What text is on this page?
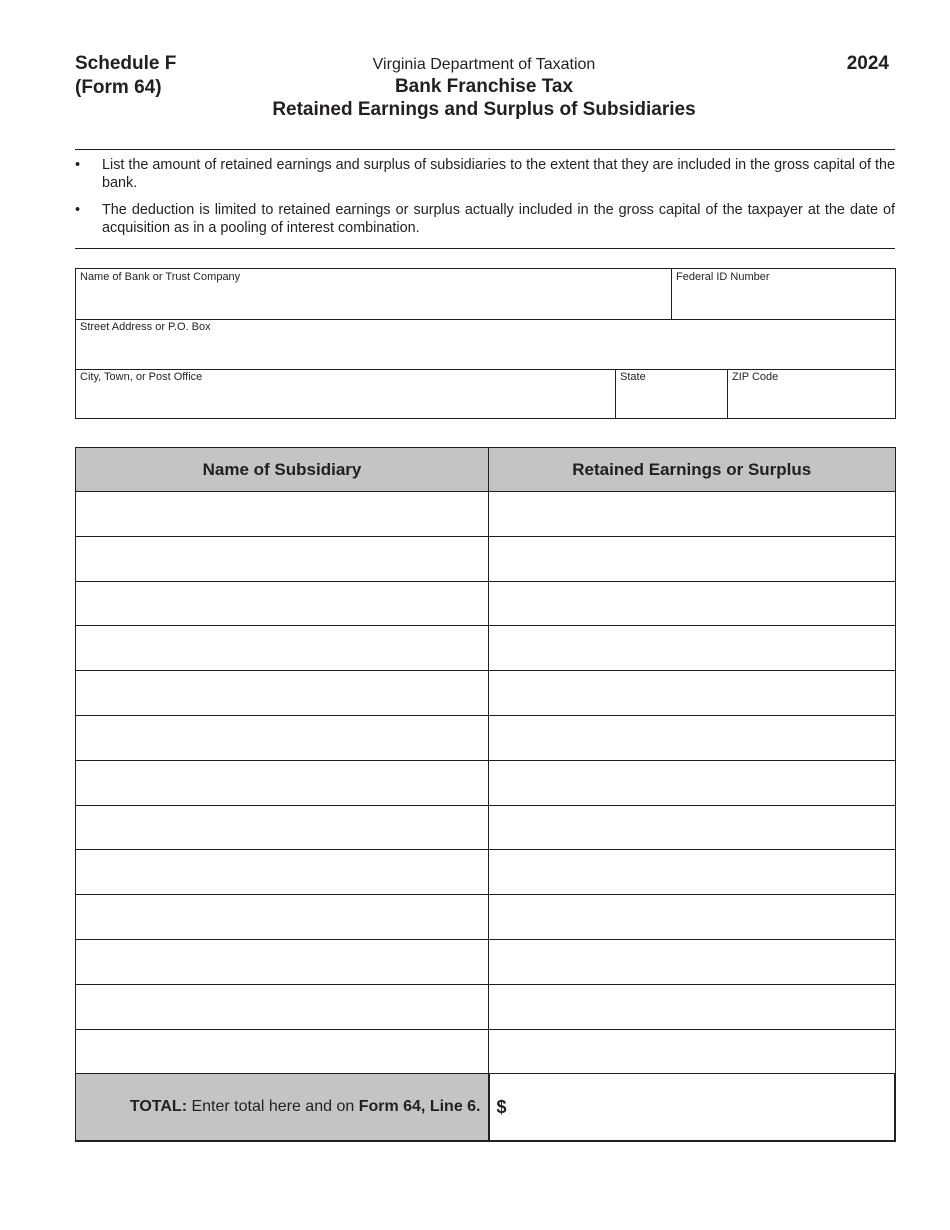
Schedule F
(Form 64)
Virginia Department of Taxation
Bank Franchise Tax
Retained Earnings and Surplus of Subsidiaries
2024
•	List the amount of retained earnings and surplus of subsidiaries to the extent that they are included in the gross capital of the bank.
•	The deduction is limited to retained earnings or surplus actually included in the gross capital of the taxpayer at the date of acquisition as in a pooling of interest combination.
Name of Bank or Trust Company	Federal ID Number
Street Address or P.O. Box
City, Town, or Post Office	State	ZIP Code
Name of Subsidiary	Retained Earnings or Surplus

TOTAL: Enter total here and on Form 64, Line 6.	$
